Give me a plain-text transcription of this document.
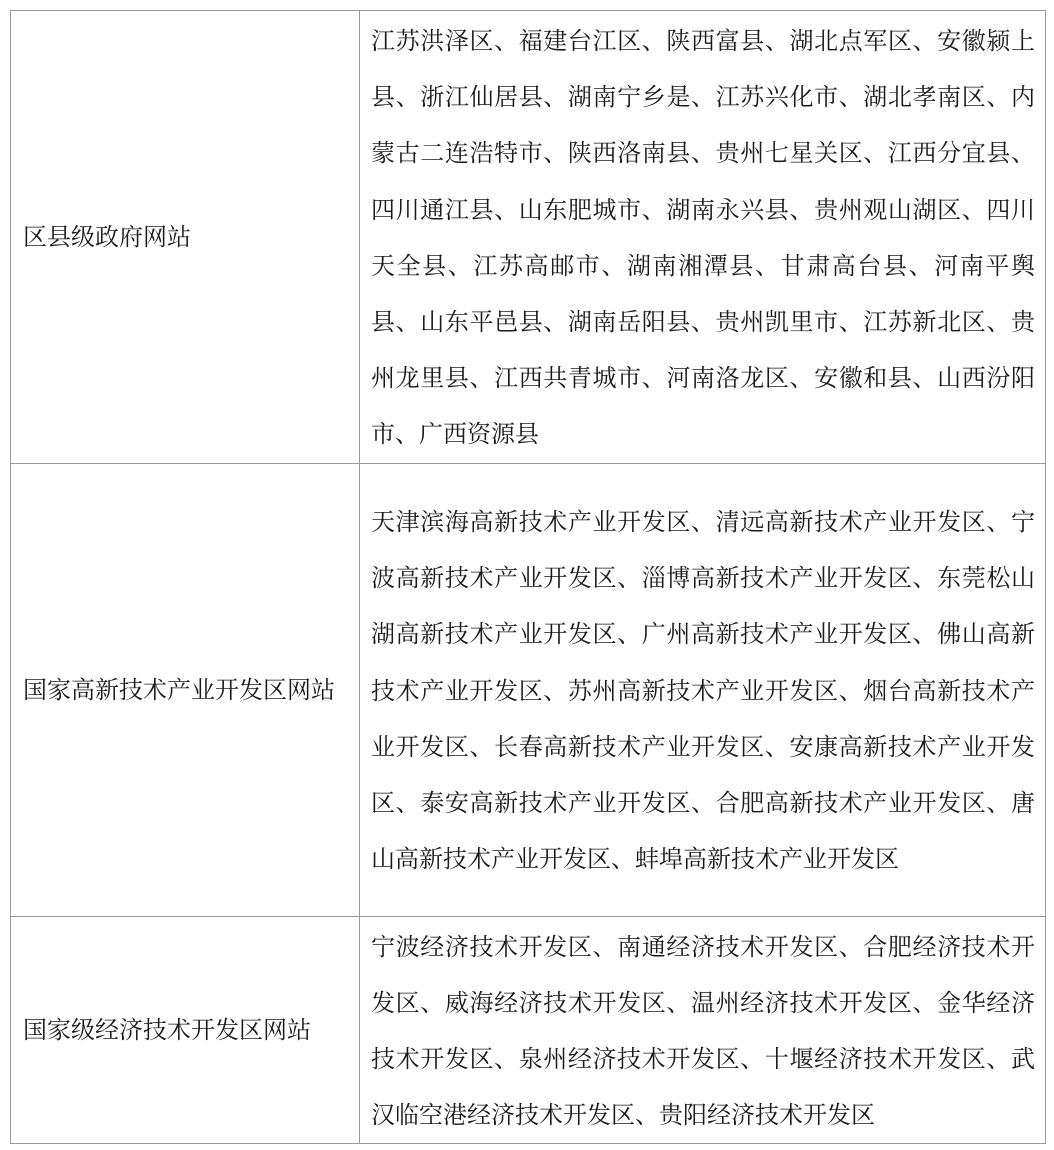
区县级政府网站	江苏洪泽区、福建台江区、陕西富县、湖北点军区、安徽颍上县、浙江仙居县、湖南宁乡是、江苏兴化市、湖北孝南区、内蒙古二连浩特市、陕西洛南县、贵州七星关区、江西分宜县、四川通江县、山东肥城市、湖南永兴县、贵州观山湖区、四川天全县、江苏高邮市、湖南湘潭县、甘肃高台县、河南平舆县、山东平邑县、湖南岳阳县、贵州凯里市、江苏新北区、贵州龙里县、江西共青城市、河南洛龙区、安徽和县、山西汾阳市、广西资源县
国家高新技术产业开发区网站	天津滨海高新技术产业开发区、清远高新技术产业开发区、宁波高新技术产业开发区、淄博高新技术产业开发区、东莞松山湖高新技术产业开发区、广州高新技术产业开发区、佛山高新技术产业开发区、苏州高新技术产业开发区、烟台高新技术产业开发区、长春高新技术产业开发区、安康高新技术产业开发区、泰安高新技术产业开发区、合肥高新技术产业开发区、唐山高新技术产业开发区、蚌埠高新技术产业开发区
国家级经济技术开发区网站	宁波经济技术开发区、南通经济技术开发区、合肥经济技术开发区、威海经济技术开发区、温州经济技术开发区、金华经济技术开发区、泉州经济技术开发区、十堰经济技术开发区、武汉临空港经济技术开发区、贵阳经济技术开发区
